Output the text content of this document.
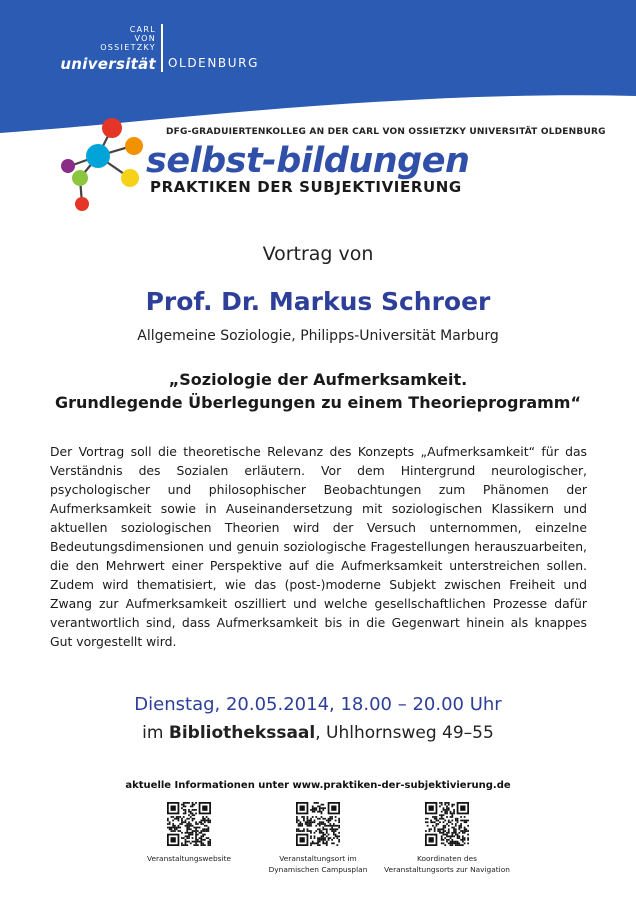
CARL
VON
OSSIETZKY
universität OLDENBURG
DFG-GRADUIERTENKOLLEG AN DER CARL VON OSSIETZKY UNIVERSITÄT OLDENBURG
selbst-bildungen
PRAKTIKEN DER SUBJEKTIVIERUNG
Vortrag von
Prof. Dr. Markus Schroer
Allgemeine Soziologie, Philipps-Universität Marburg
„Soziologie der Aufmerksamkeit.
Grundlegende Überlegungen zu einem Theorieprogramm“

Der Vortrag soll die theoretische Relevanz des Konzepts „Aufmerksamkeit“ für das Verständnis des Sozialen erläutern. Vor dem Hintergrund neurologischer, psychologischer und philosophischer Beobachtungen zum Phänomen der Aufmerksamkeit sowie in Auseinandersetzung mit soziologischen Klassikern und aktuellen soziologischen Theorien wird der Versuch unternommen, einzelne Bedeutungsdimensionen und genuin soziologische Fragestellungen herauszuarbeiten, die den Mehrwert einer Perspektive auf die Aufmerksamkeit unterstreichen sollen. Zudem wird thematisiert, wie das (post-)moderne Subjekt zwischen Freiheit und Zwang zur Aufmerksamkeit oszilliert und welche gesellschaftlichen Prozesse dafür verantwortlich sind, dass Aufmerksamkeit bis in die Gegenwart hinein als knappes Gut vorgestellt wird.

Dienstag, 20.05.2014, 18.00 – 20.00 Uhr
im Bibliothekssaal, Uhlhornsweg 49–55
aktuelle Informationen unter www.praktiken-der-subjektivierung.de
Veranstaltungswebsite	Veranstaltungsort im
Dynamischen Campusplan
Koordinaten des
Veranstaltungsorts zur Navigation
